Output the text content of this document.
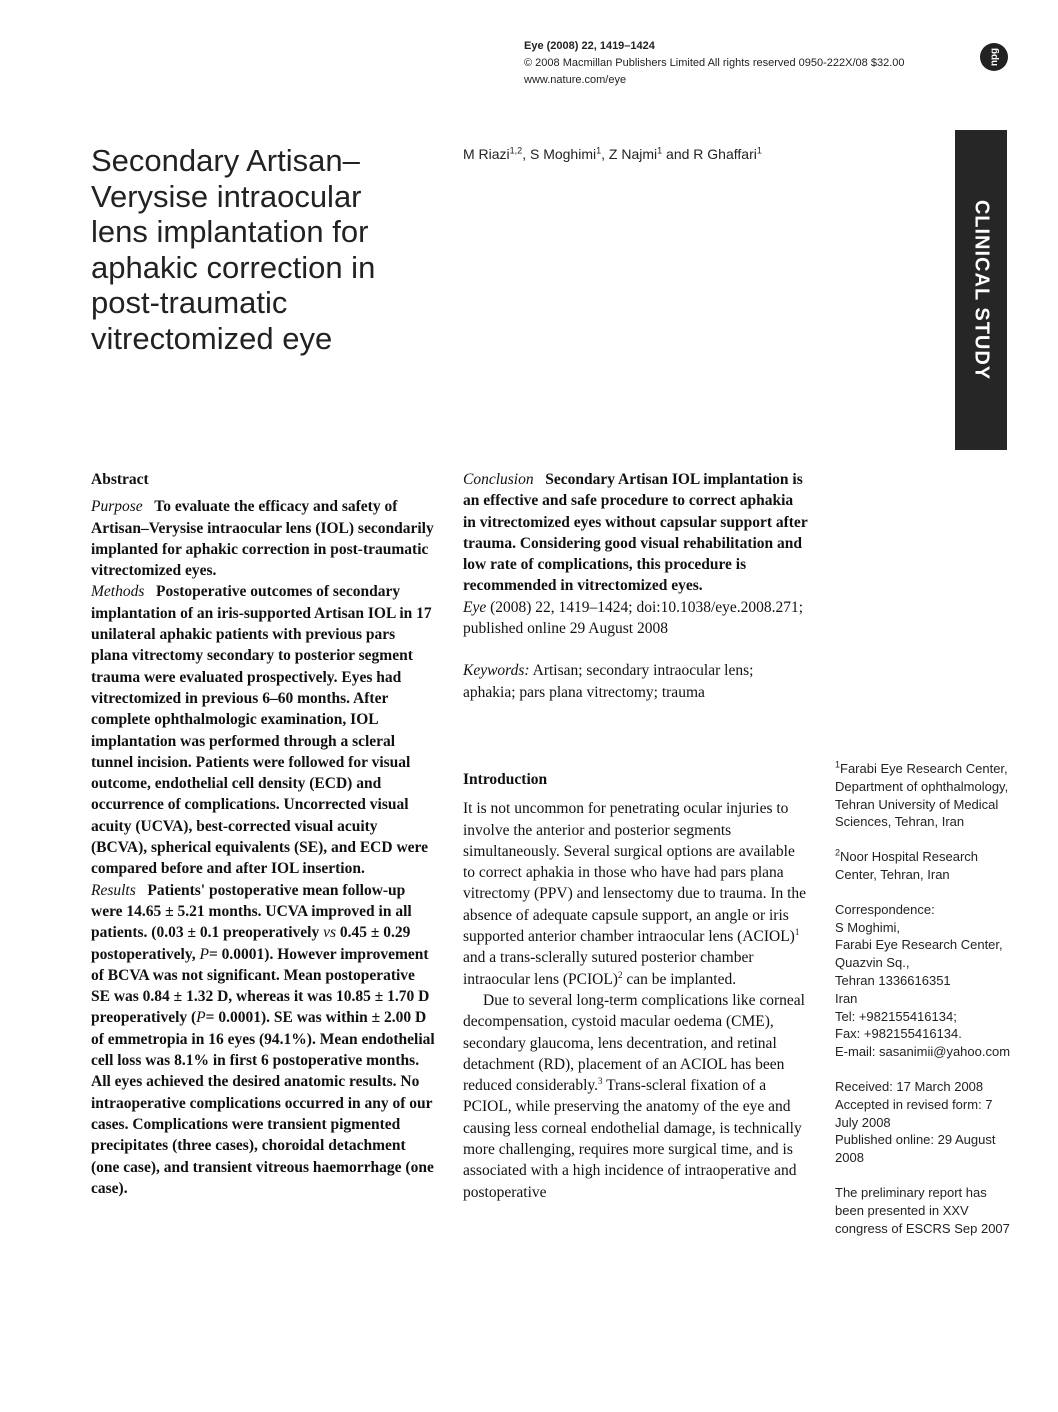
Eye (2008) 22, 1419–1424
© 2008 Macmillan Publishers Limited All rights reserved 0950-222X/08 $32.00
www.nature.com/eye
npg
Secondary Artisan–Verysise intraocular lens implantation for aphakic correction in post-traumatic vitrectomized eye
M Riazi$^{1,2}$, S Moghimi$^1$, Z Najmi$^1$ and R Ghaffari$^1$
CLINICAL STUDY
Abstract

Purpose To evaluate the efficacy and safety of Artisan–Verysise intraocular lens (IOL) secondarily implanted for aphakic correction in post-traumatic vitrectomized eyes.

Methods Postoperative outcomes of secondary implantation of an iris-supported Artisan IOL in 17 unilateral aphakic patients with previous pars plana vitrectomy secondary to posterior segment trauma were evaluated prospectively. Eyes had vitrectomized in previous 6–60 months. After complete ophthalmologic examination, IOL implantation was performed through a scleral tunnel incision. Patients were followed for visual outcome, endothelial cell density (ECD) and occurrence of complications. Uncorrected visual acuity (UCVA), best-corrected visual acuity (BCVA), spherical equivalents (SE), and ECD were compared before and after IOL insertion.

Results Patients' postoperative mean follow-up were 14.65 ± 5.21 months. UCVA improved in all patients. (0.03 ± 0.1 preoperatively vs 0.45 ± 0.29 postoperatively, P= 0.0001). However improvement of BCVA was not significant. Mean postoperative SE was 0.84 ± 1.32 D, whereas it was 10.85 ± 1.70 D preoperatively (P= 0.0001). SE was within ± 2.00 D of emmetropia in 16 eyes (94.1%). Mean endothelial cell loss was 8.1% in first 6 postoperative months.

All eyes achieved the desired anatomic results. No intraoperative complications occurred in any of our cases. Complications were transient pigmented precipitates (three cases), choroidal detachment (one case), and transient vitreous haemorrhage (one case).

Conclusion Secondary Artisan IOL implantation is an effective and safe procedure to correct aphakia in vitrectomized eyes without capsular support after trauma. Considering good visual rehabilitation and low rate of complications, this procedure is recommended in vitrectomized eyes.

Eye (2008) 22, 1419–1424; doi:10.1038/eye.2008.271; published online 29 August 2008

Keywords: Artisan; secondary intraocular lens; aphakia; pars plana vitrectomy; trauma

Introduction

It is not uncommon for penetrating ocular injuries to involve the anterior and posterior segments simultaneously. Several surgical options are available to correct aphakia in those who have had pars plana vitrectomy (PPV) and lensectomy due to trauma. In the absence of adequate capsule support, an angle or iris supported anterior chamber intraocular lens (ACIOL)$^1$ and a trans-sclerally sutured posterior chamber intraocular lens (PCIOL)$^2$ can be implanted.

Due to several long-term complications like corneal decompensation, cystoid macular oedema (CME), secondary glaucoma, lens decentration, and retinal detachment (RD), placement of an ACIOL has been reduced considerably.$^3$ Trans-scleral fixation of a PCIOL, while preserving the anatomy of the eye and causing less corneal endothelial damage, is technically more challenging, requires more surgical time, and is associated with a high incidence of intraoperative and postoperative

$^1$Farabi Eye Research Center, Department of ophthalmology, Tehran University of Medical Sciences, Tehran, Iran

$^2$Noor Hospital Research Center, Tehran, Iran

Correspondence:
S Moghimi,
Farabi Eye Research Center,
Quazvin Sq.,
Tehran 1336616351
Iran
Tel: +982155416134;
Fax: +982155416134.
E-mail: sasanimii@yahoo.com

Received: 17 March 2008
Accepted in revised form: 7 July 2008
Published online: 29 August 2008

The preliminary report has been presented in XXV congress of ESCRS Sep 2007
